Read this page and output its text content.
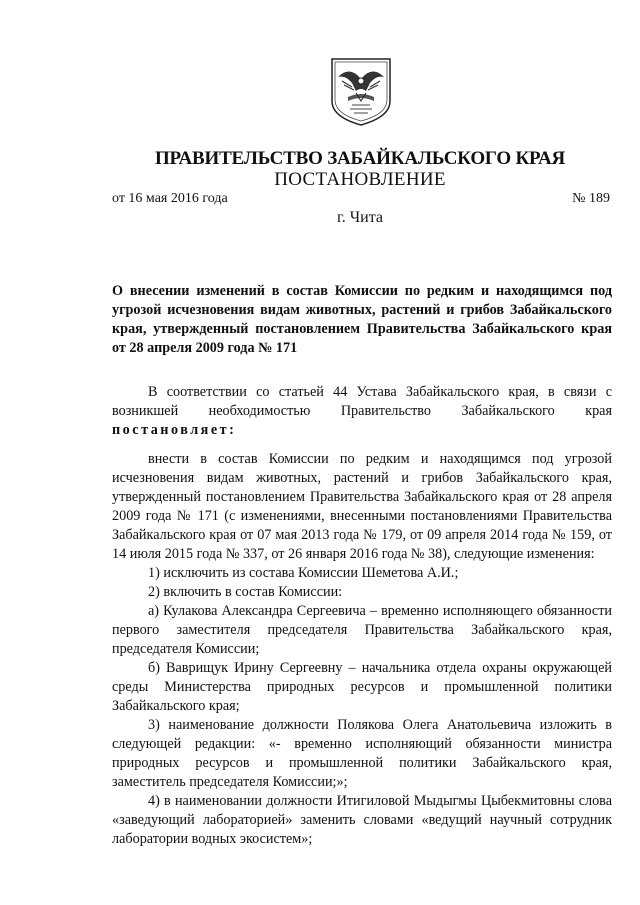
ПРАВИТЕЛЬСТВО ЗАБАЙКАЛЬСКОГО КРАЯ
ПОСТАНОВЛЕНИЕ
от 16 мая 2016 года	№ 189
г. Чита
О внесении изменений в состав Комиссии по редким и находящимся под угрозой исчезновения видам животных, растений и грибов Забайкальского края, утвержденный постановлением Правительства Забайкальского края от 28 апреля 2009 года № 171

В соответствии со статьей 44 Устава Забайкальского края, в связи с возникшей необходимостью Правительство Забайкальского края постановляет:

внести в состав Комиссии по редким и находящимся под угрозой исчезновения видам животных, растений и грибов Забайкальского края, утвержденный постановлением Правительства Забайкальского края от 28 апреля 2009 года № 171 (с изменениями, внесенными постановлениями Правительства Забайкальского края от 07 мая 2013 года № 179, от 09 апреля 2014 года № 159, от 14 июля 2015 года № 337, от 26 января 2016 года № 38), следующие изменения:

1) исключить из состава Комиссии Шеметова А.И.;

2) включить в состав Комиссии:

а) Кулакова Александра Сергеевича – временно исполняющего обязанности первого заместителя председателя Правительства Забайкальского края, председателя Комиссии;

б) Ваврищук Ирину Сергеевну – начальника отдела охраны окружающей среды Министерства природных ресурсов и промышленной политики Забайкальского края;

3) наименование должности Полякова Олега Анатольевича изложить в следующей редакции: «- временно исполняющий обязанности министра природных ресурсов и промышленной политики Забайкальского края, заместитель председателя Комиссии;»;

4) в наименовании должности Итигиловой Мыдыгмы Цыбекмитовны слова «заведующий лабораторией» заменить словами «ведущий научный сотрудник лаборатории водных экосистем»;
